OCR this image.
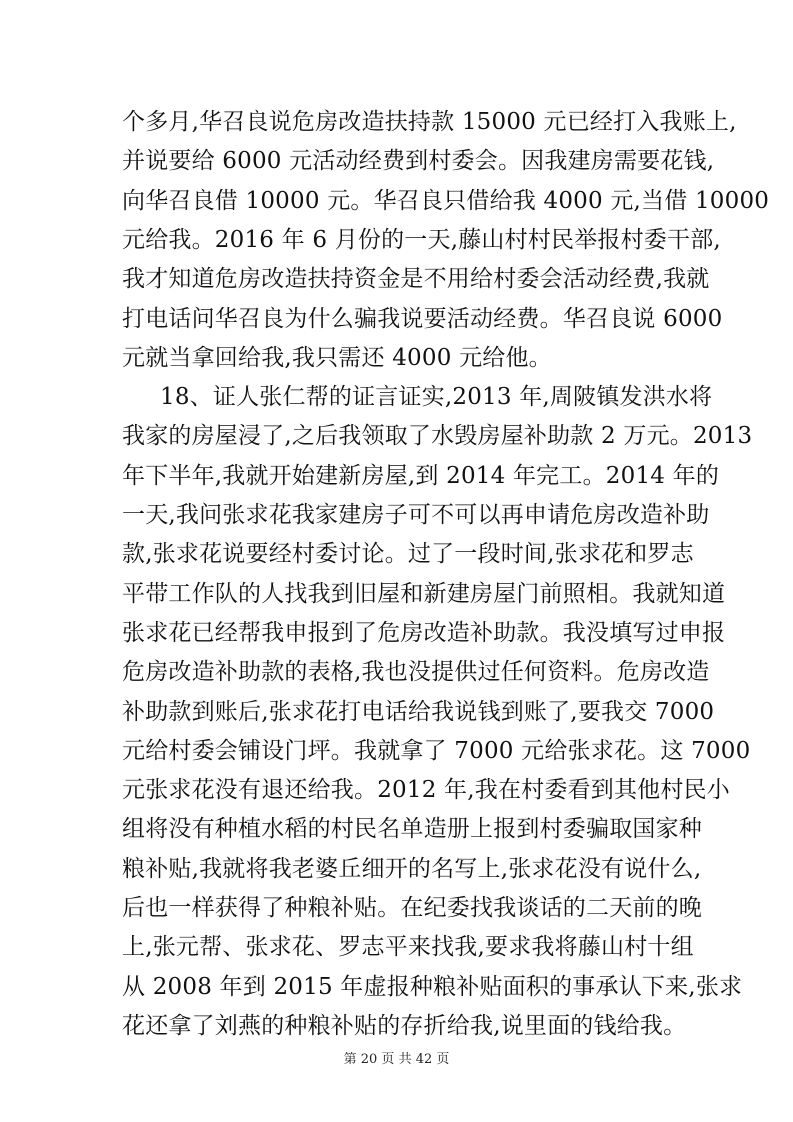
个多月,华召良说危房改造扶持款 15000 元已经打入我账上,
并说要给 6000 元活动经费到村委会。因我建房需要花钱,
向华召良借 10000 元。华召良只借给我 4000 元,当借 10000
元给我。2016 年 6 月份的一天,藤山村村民举报村委干部,
我才知道危房改造扶持资金是不用给村委会活动经费,我就
打电话问华召良为什么骗我说要活动经费。华召良说 6000
元就当拿回给我,我只需还 4000 元给他。
18、证人张仁帮的证言证实,2013 年,周陂镇发洪水将
我家的房屋浸了,之后我领取了水毁房屋补助款 2 万元。2013
年下半年,我就开始建新房屋,到 2014 年完工。2014 年的
一天,我问张求花我家建房子可不可以再申请危房改造补助
款,张求花说要经村委讨论。过了一段时间,张求花和罗志
平带工作队的人找我到旧屋和新建房屋门前照相。我就知道
张求花已经帮我申报到了危房改造补助款。我没填写过申报
危房改造补助款的表格,我也没提供过任何资料。危房改造
补助款到账后,张求花打电话给我说钱到账了,要我交 7000
元给村委会铺设门坪。我就拿了 7000 元给张求花。这 7000
元张求花没有退还给我。2012 年,我在村委看到其他村民小
组将没有种植水稻的村民名单造册上报到村委骗取国家种
粮补贴,我就将我老婆丘细开的名写上,张求花没有说什么,
后也一样获得了种粮补贴。在纪委找我谈话的二天前的晚
上,张元帮、张求花、罗志平来找我,要求我将藤山村十组
第 20 页 共 42 页
从 2008 年到 2015 年虚报种粮补贴面积的事承认下来,张求
花还拿了刘燕的种粮补贴的存折给我,说里面的钱给我。
